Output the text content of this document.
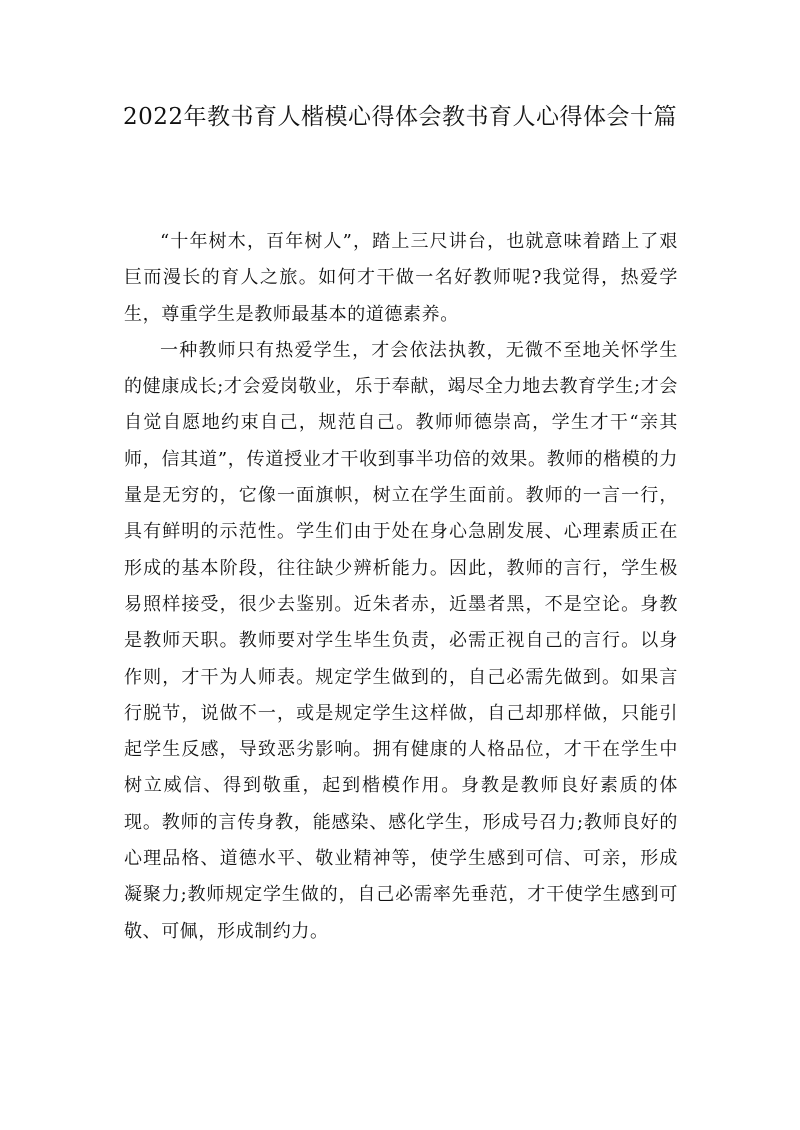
2022年教书育人楷模心得体会教书育人心得体会十篇

“十年树木，百年树人”，踏上三尺讲台，也就意味着踏上了艰巨而漫长的育人之旅。如何才干做一名好教师呢?我觉得，热爱学生，尊重学生是教师最基本的道德素养。

一种教师只有热爱学生，才会依法执教，无微不至地关怀学生的健康成长;才会爱岗敬业，乐于奉献，竭尽全力地去教育学生;才会自觉自愿地约束自己，规范自己。教师师德崇高，学生才干“亲其师，信其道”，传道授业才干收到事半功倍的效果。教师的楷模的力量是无穷的，它像一面旗帜，树立在学生面前。教师的一言一行，具有鲜明的示范性。学生们由于处在身心急剧发展、心理素质正在形成的基本阶段，往往缺少辨析能力。因此，教师的言行，学生极易照样接受，很少去鉴别。近朱者赤，近墨者黑，不是空论。身教是教师天职。教师要对学生毕生负责，必需正视自己的言行。以身作则，才干为人师表。规定学生做到的，自己必需先做到。如果言行脱节，说做不一，或是规定学生这样做，自己却那样做，只能引起学生反感，导致恶劣影响。拥有健康的人格品位，才干在学生中树立威信、得到敬重，起到楷模作用。身教是教师良好素质的体现。教师的言传身教，能感染、感化学生，形成号召力;教师良好的心理品格、道德水平、敬业精神等，使学生感到可信、可亲，形成凝聚力;教师规定学生做的，自己必需率先垂范，才干使学生感到可敬、可佩，形成制约力。
